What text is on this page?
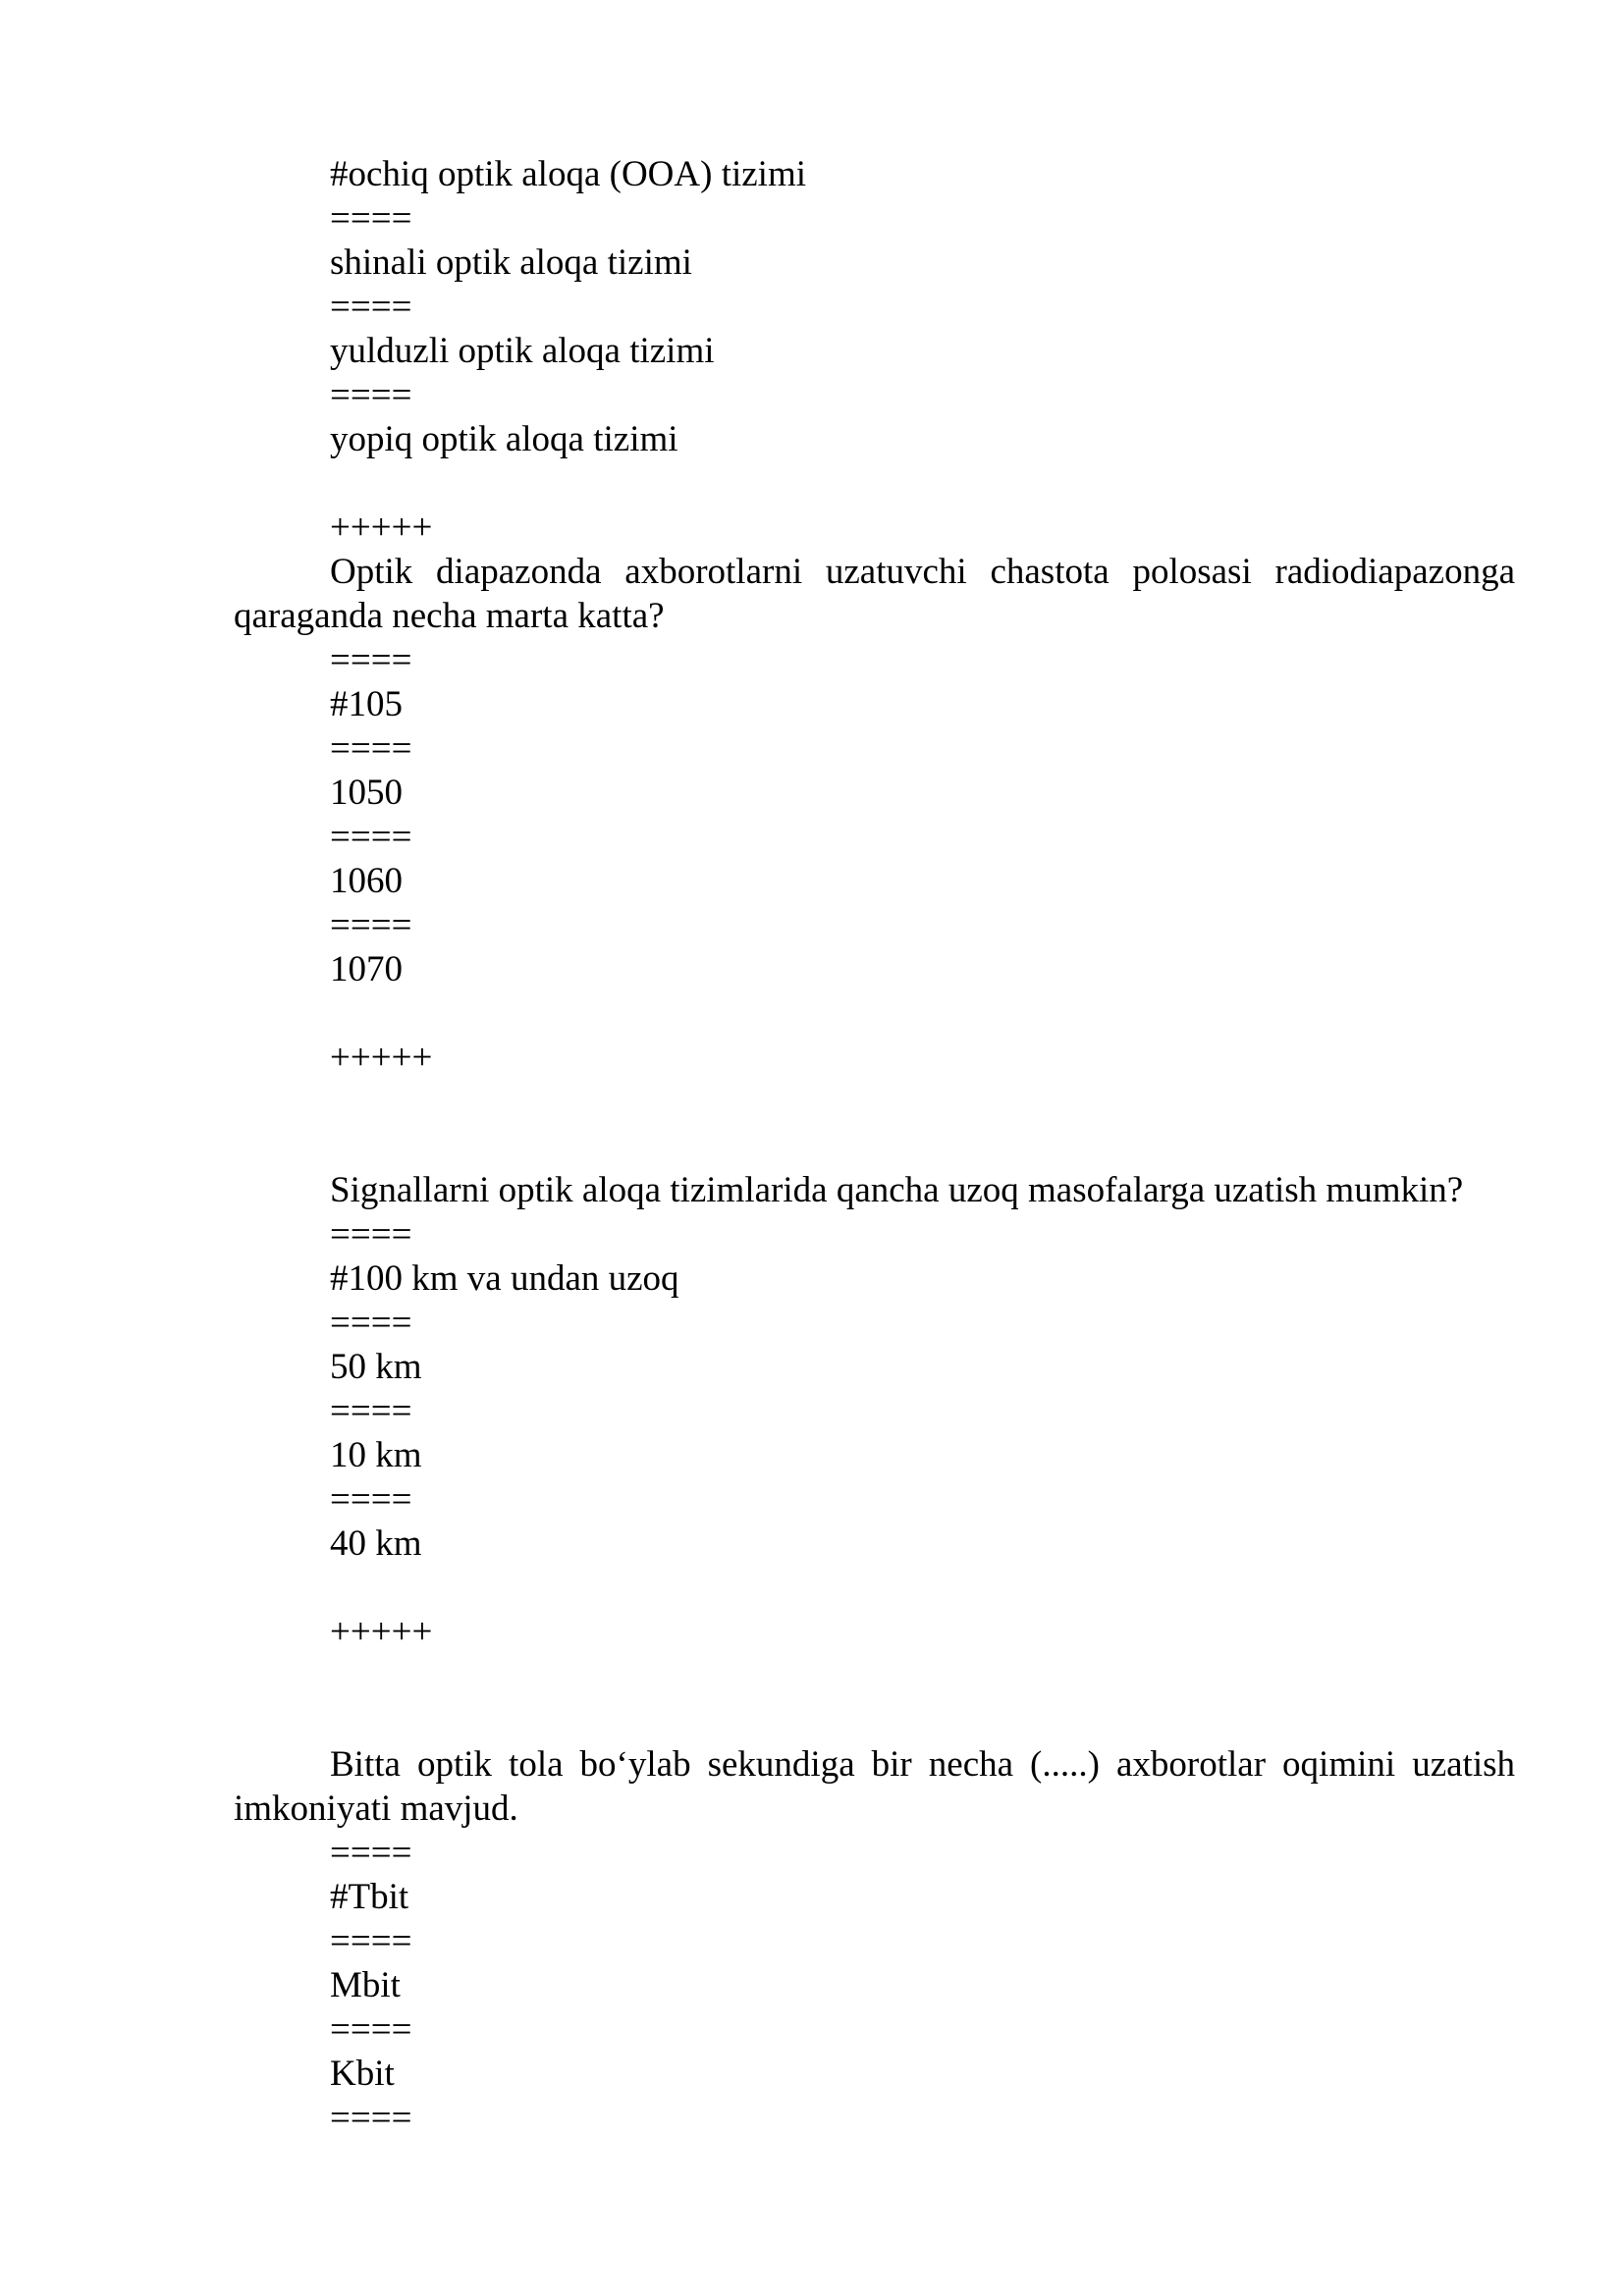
#ochiq optik aloqa (OOA) tizimi
====
shinali optik aloqa tizimi
====
yulduzli optik aloqa tizimi
====
yopiq optik aloqa tizimi
+++++
Optik diapazonda axborotlarni uzatuvchi chastota polosasi radiodiapazonga qaraganda necha marta katta?
====
#105
====
1050
====
1060
====
1070
+++++
Signallarni optik aloqa tizimlarida qancha uzoq masofalarga uzatish mumkin?
====
#100 km va undan uzoq
====
50 km
====
10 km
====
40 km
+++++
Bitta optik tola bo‘ylab sekundiga bir necha (.....) axborotlar oqimini uzatish imkoniyati mavjud.
====
#Tbit
====
Mbit
====
Kbit
====
